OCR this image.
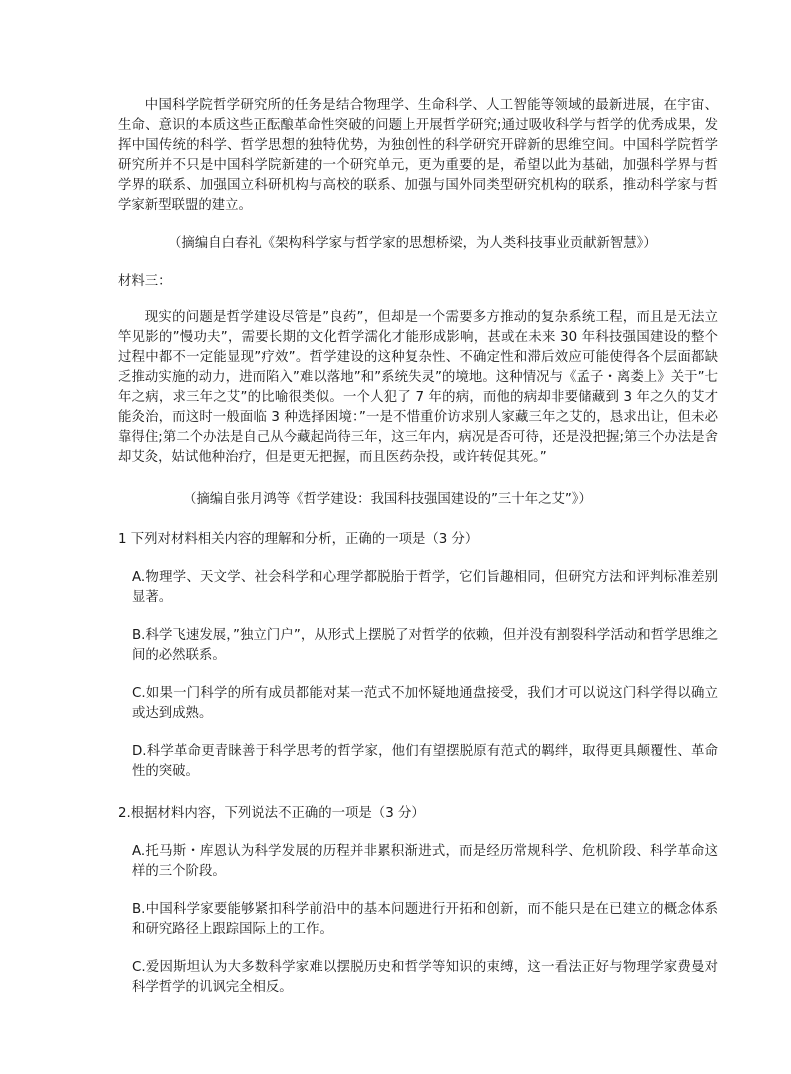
中国科学院哲学研究所的任务是结合物理学、生命科学、人工智能等领域的最新进展，在宇宙、生命、意识的本质这些正酝酿革命性突破的问题上开展哲学研究;通过吸收科学与哲学的优秀成果，发挥中国传统的科学、哲学思想的独特优势，为独创性的科学研究开辟新的思维空间。中国科学院哲学研究所并不只是中国科学院新建的一个研究单元，更为重要的是，希望以此为基础，加强科学界与哲学界的联系、加强国立科研机构与高校的联系、加强与国外同类型研究机构的联系，推动科学家与哲学家新型联盟的建立。

（摘编自白春礼《架构科学家与哲学家的思想桥梁，为人类科技事业贡献新智慧》）

材料三：

现实的问题是哲学建设尽管是”良药”，但却是一个需要多方推动的复杂系统工程，而且是无法立竿见影的”慢功夫”，需要长期的文化哲学濡化才能形成影响，甚或在未来 30 年科技强国建设的整个过程中都不一定能显现”疗效”。哲学建设的这种复杂性、不确定性和滞后效应可能使得各个层面都缺乏推动实施的动力，进而陷入”难以落地”和”系统失灵”的境地。这种情况与《孟子・离娄上》关于”七年之病，求三年之艾”的比喻很类似。一个人犯了 7 年的病，而他的病却非要储藏到 3 年之久的艾才能灸治，而这时一般面临 3 种选择困境：”一是不惜重价访求别人家藏三年之艾的，恳求出让，但未必靠得住;第二个办法是自己从今藏起尚待三年，这三年内，病况是否可待，还是没把握;第三个办法是舍却艾灸，姑试他种治疗，但是更无把握，而且医药杂投，或许转促其死。”

（摘编自张月鸿等《哲学建设：我国科技强国建设的”三十年之艾”》）

1 下列对材料相关内容的理解和分析，正确的一项是（3 分）

A.物理学、天文学、社会科学和心理学都脱胎于哲学，它们旨趣相同，但研究方法和评判标准差别显著。

B.科学飞速发展，”独立门户”，从形式上摆脱了对哲学的依赖，但并没有割裂科学活动和哲学思维之间的必然联系。

C.如果一门科学的所有成员都能对某一范式不加怀疑地通盘接受，我们才可以说这门科学得以确立或达到成熟。

D.科学革命更青睐善于科学思考的哲学家，他们有望摆脱原有范式的羁绊，取得更具颠覆性、革命性的突破。

2.根据材料内容，下列说法不正确的一项是（3 分）

A.托马斯・库恩认为科学发展的历程并非累积渐进式，而是经历常规科学、危机阶段、科学革命这样的三个阶段。

B.中国科学家要能够紧扣科学前沿中的基本问题进行开拓和创新，而不能只是在已建立的概念体系和研究路径上跟踪国际上的工作。

C.爱因斯坦认为大多数科学家难以摆脱历史和哲学等知识的束缚，这一看法正好与物理学家费曼对科学哲学的讥讽完全相反。
